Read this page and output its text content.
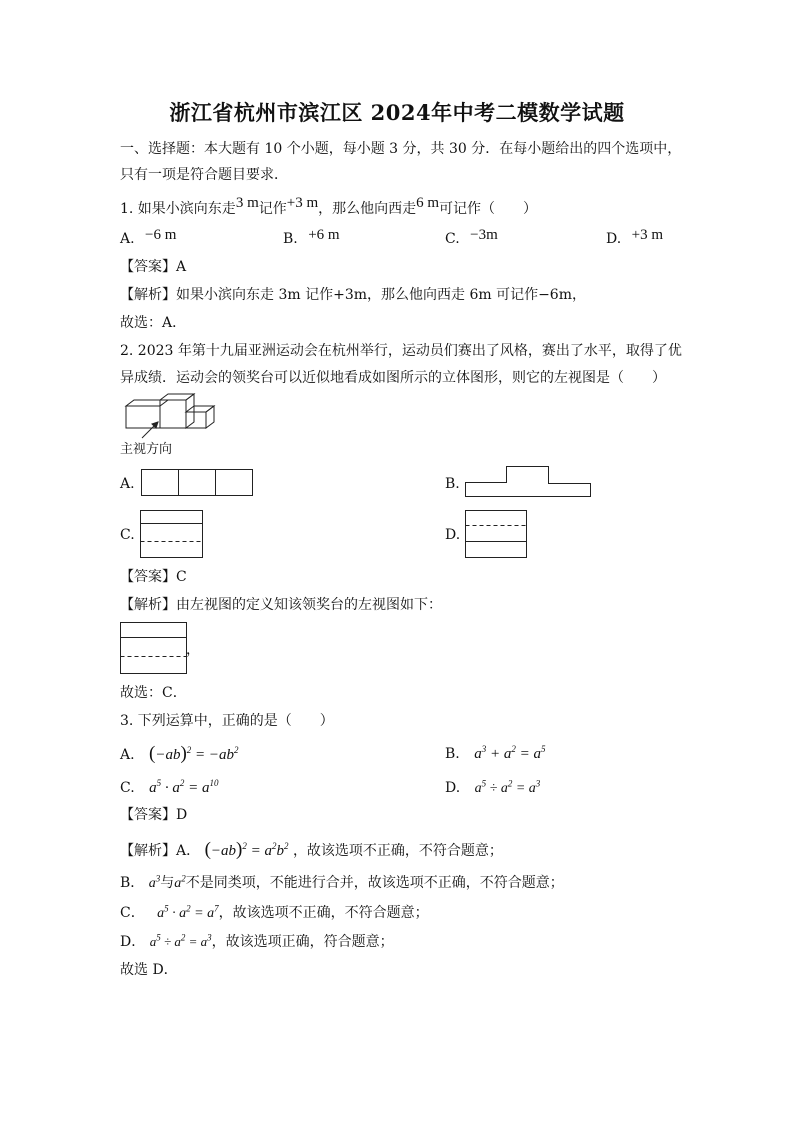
浙江省杭州市滨江区 2024年中考二模数学试题
一、选择题：本大题有 10 个小题，每小题 3 分，共 30 分．在每小题给出的四个选项中，
只有一项是符合题目要求．
1. 如果小滨向东走3 m记作+3 m，那么他向西走6 m可记作（　　）
A. −6 m	B. +6 m	C. −3m	D. +3 m
【答案】A
【解析】如果小滨向东走 3m 记作+3m，那么他向西走 6m 可记作−6m，
故选：A．
2. 2023 年第十九届亚洲运动会在杭州举行，运动员们赛出了风格，赛出了水平，取得了优
异成绩．运动会的领奖台可以近似地看成如图所示的立体图形，则它的左视图是（　　）
主视方向
A.	B.
C.	D.
【答案】C
【解析】由左视图的定义知该领奖台的左视图如下：
，
故选：C．
3. 下列运算中，正确的是（　　）
A. $(-ab)^2 = -ab^2$	B. $a^3 + a^2 = a^5$
C. $a^5 \cdot a^2 = a^{10}$	D. $a^5 \div a^2 = a^3$
【答案】D
【解析】A． $(-ab)^2 = a^2b^2$ ，故该选项不正确，不符合题意；
B． $a^3$与$a^2$不是同类项，不能进行合并，故该选项不正确，不符合题意；
C． $a^5 \cdot a^2 = a^7$，故该选项不正确，不符合题意；
D． $a^5 \div a^2 = a^3$，故该选项正确，符合题意；
故选 D．
